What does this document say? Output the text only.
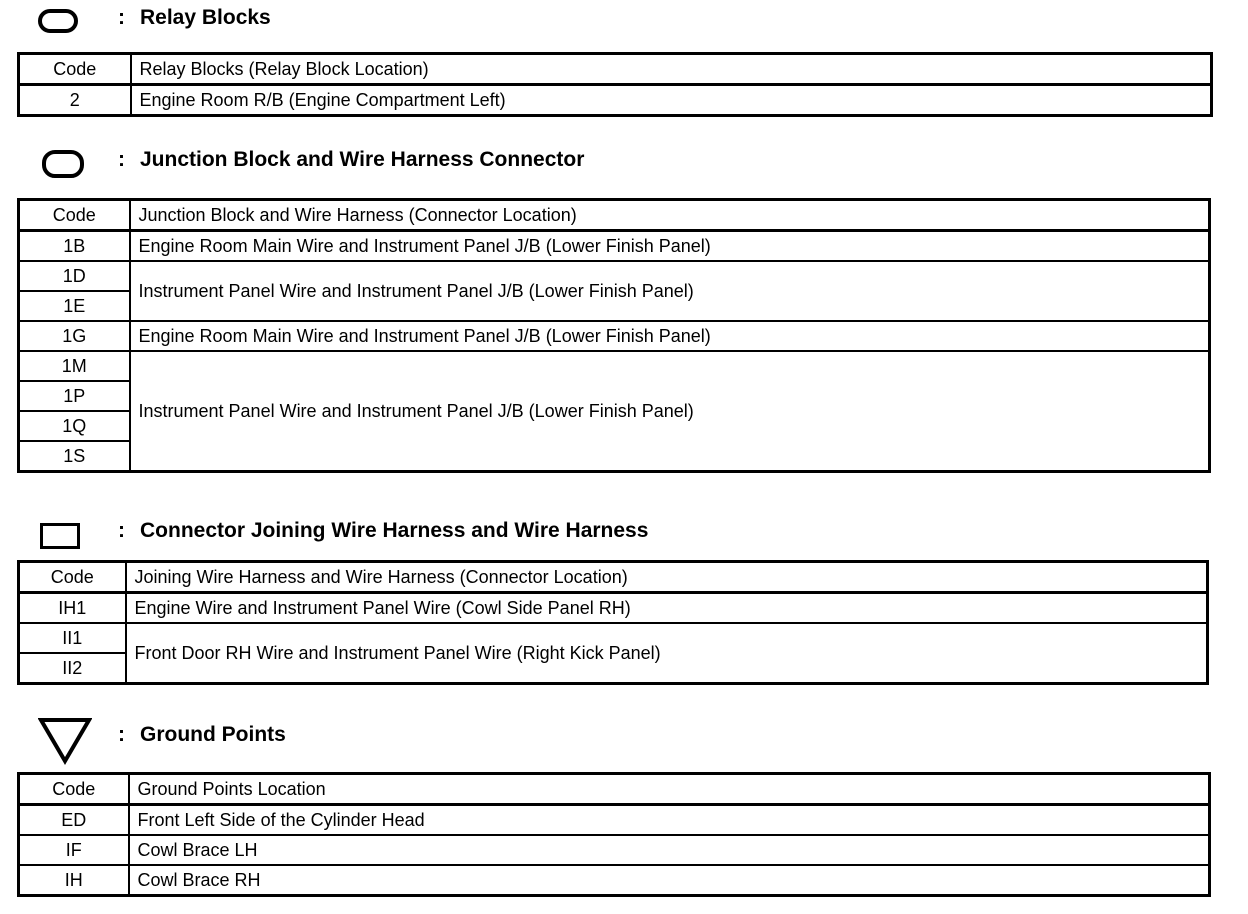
: Relay Blocks
Code	Relay Blocks (Relay Block Location)
2	Engine Room R/B (Engine Compartment Left)
: Junction Block and Wire Harness Connector
Code	Junction Block and Wire Harness (Connector Location)
1B	Engine Room Main Wire and Instrument Panel J/B (Lower Finish Panel)
1D	Instrument Panel Wire and Instrument Panel J/B (Lower Finish Panel)
1E	
1G	Engine Room Main Wire and Instrument Panel J/B (Lower Finish Panel)
1M	Instrument Panel Wire and Instrument Panel J/B (Lower Finish Panel)
1P	
1Q	
1S	
: Connector Joining Wire Harness and Wire Harness
Code	Joining Wire Harness and Wire Harness (Connector Location)
IH1	Engine Wire and Instrument Panel Wire (Cowl Side Panel RH)
II1	Front Door RH Wire and Instrument Panel Wire (Right Kick Panel)
II2	
: Ground Points
Code	Ground Points Location
ED	Front Left Side of the Cylinder Head
IF	Cowl Brace LH
IH	Cowl Brace RH
